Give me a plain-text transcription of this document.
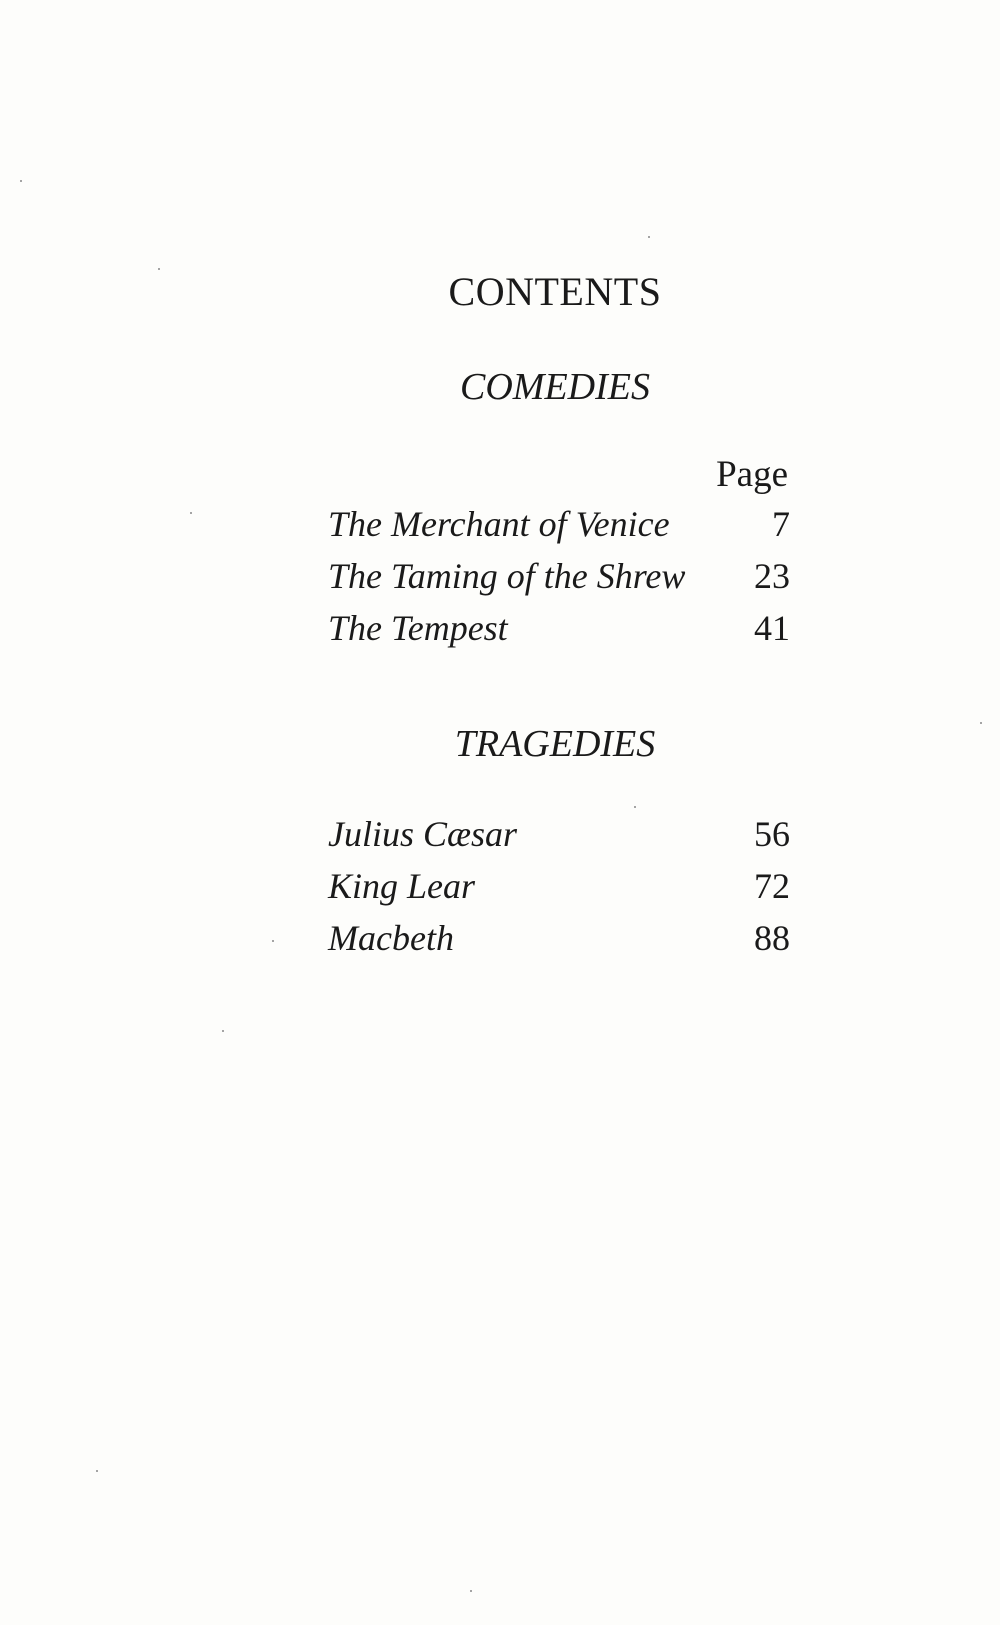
CONTENTS
COMEDIES
Page
The Merchant of Venice	7
The Taming of the Shrew	23
The Tempest	41
TRAGEDIES
Julius Cæsar	56
King Lear	72
Macbeth	88
